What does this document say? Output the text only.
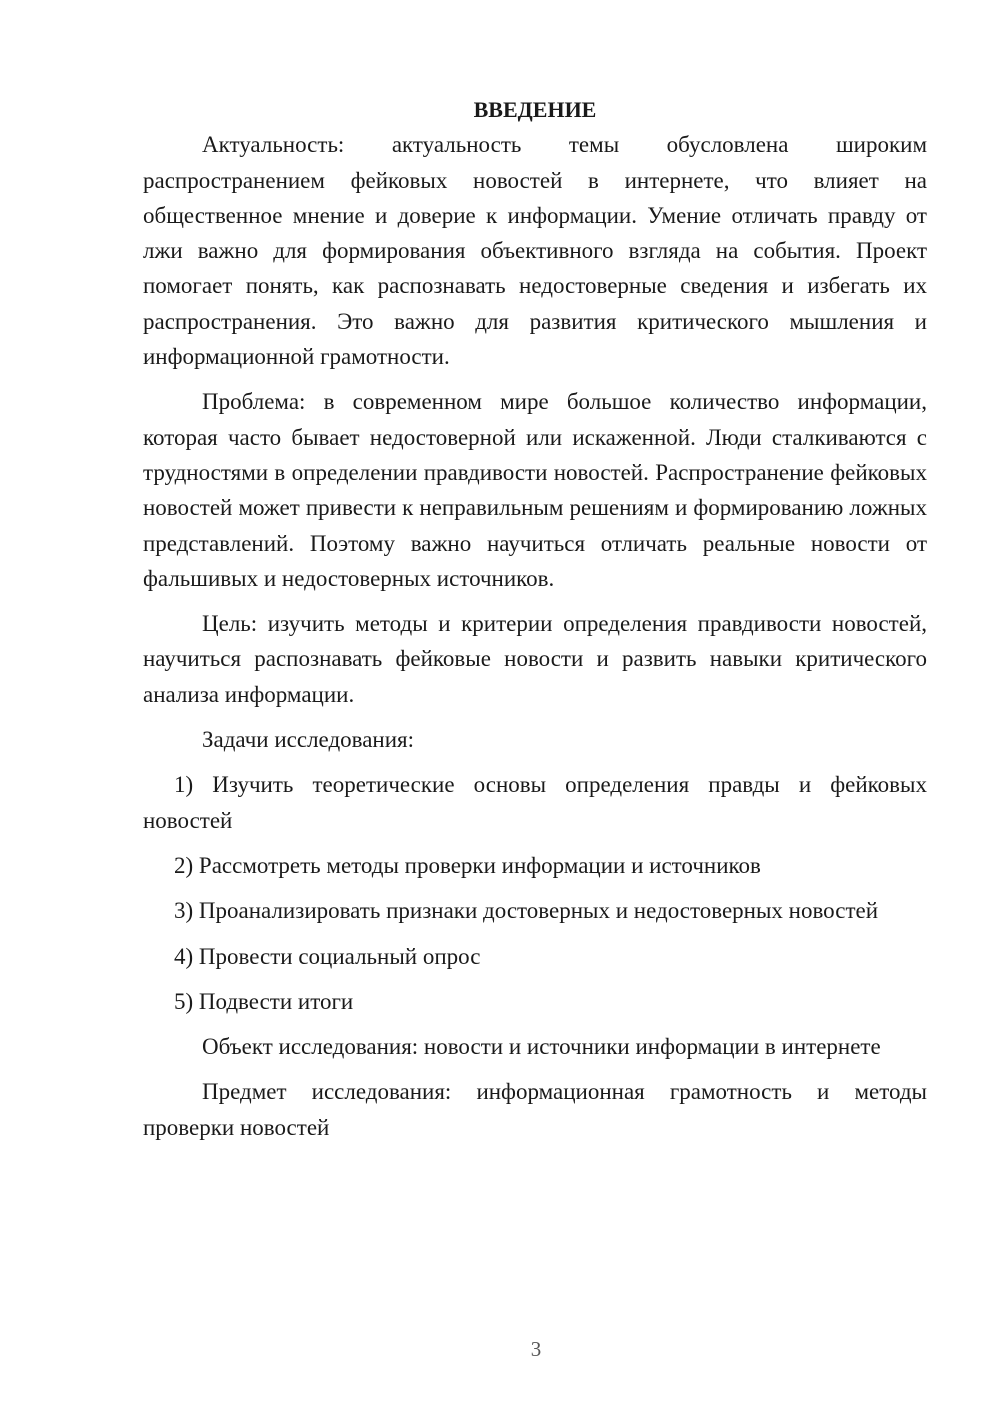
ВВЕДЕНИЕ

Актуальность: актуальность темы обусловлена широким распространением фейковых новостей в интернете, что влияет на общественное мнение и доверие к информации. Умение отличать правду от лжи важно для формирования объективного взгляда на события. Проект помогает понять, как распознавать недостоверные сведения и избегать их распространения. Это важно для развития критического мышления и информационной грамотности.

Проблема: в современном мире большое количество информации, которая часто бывает недостоверной или искаженной. Люди сталкиваются с трудностями в определении правдивости новостей. Распространение фейковых новостей может привести к неправильным решениям и формированию ложных представлений. Поэтому важно научиться отличать реальные новости от фальшивых и недостоверных источников.

Цель: изучить методы и критерии определения правдивости новостей, научиться распознавать фейковые новости и развить навыки критического анализа информации.

Задачи исследования:

1) Изучить теоретические основы определения правды и фейковых новостей

2) Рассмотреть методы проверки информации и источников

3) Проанализировать признаки достоверных и недостоверных новостей

4) Провести социальный опрос

5) Подвести итоги

Объект исследования: новости и источники информации в интернете

Предмет исследования: информационная грамотность и методы проверки новостей

3
